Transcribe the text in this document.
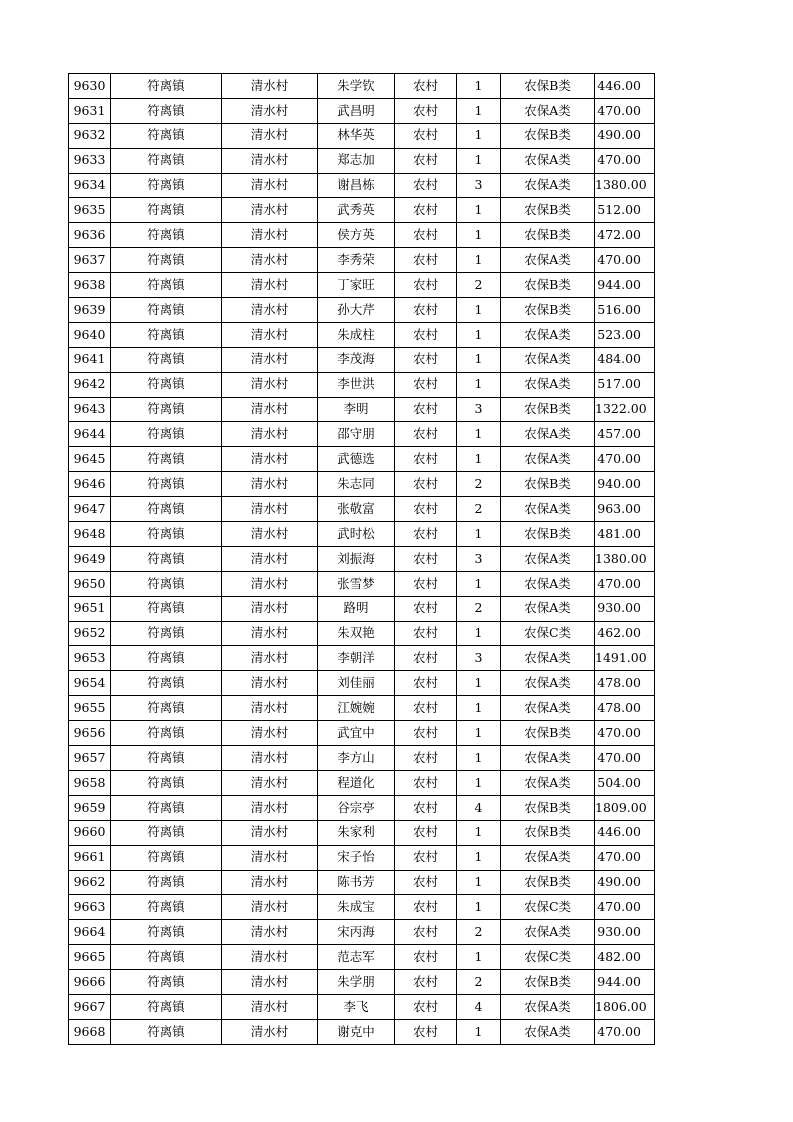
9630	符离镇	清水村	朱学钦	农村	1	农保B类	446.00
9631	符离镇	清水村	武昌明	农村	1	农保A类	470.00
9632	符离镇	清水村	林华英	农村	1	农保B类	490.00
9633	符离镇	清水村	郑志加	农村	1	农保A类	470.00
9634	符离镇	清水村	谢昌栋	农村	3	农保A类	1380.00
9635	符离镇	清水村	武秀英	农村	1	农保B类	512.00
9636	符离镇	清水村	侯方英	农村	1	农保B类	472.00
9637	符离镇	清水村	李秀荣	农村	1	农保A类	470.00
9638	符离镇	清水村	丁家旺	农村	2	农保B类	944.00
9639	符离镇	清水村	孙大芹	农村	1	农保B类	516.00
9640	符离镇	清水村	朱成柱	农村	1	农保A类	523.00
9641	符离镇	清水村	李茂海	农村	1	农保A类	484.00
9642	符离镇	清水村	李世洪	农村	1	农保A类	517.00
9643	符离镇	清水村	李明	农村	3	农保B类	1322.00
9644	符离镇	清水村	邵守朋	农村	1	农保A类	457.00
9645	符离镇	清水村	武德选	农村	1	农保A类	470.00
9646	符离镇	清水村	朱志同	农村	2	农保B类	940.00
9647	符离镇	清水村	张敬富	农村	2	农保A类	963.00
9648	符离镇	清水村	武时松	农村	1	农保B类	481.00
9649	符离镇	清水村	刘振海	农村	3	农保A类	1380.00
9650	符离镇	清水村	张雪梦	农村	1	农保A类	470.00
9651	符离镇	清水村	路明	农村	2	农保A类	930.00
9652	符离镇	清水村	朱双艳	农村	1	农保C类	462.00
9653	符离镇	清水村	李朝洋	农村	3	农保A类	1491.00
9654	符离镇	清水村	刘佳丽	农村	1	农保A类	478.00
9655	符离镇	清水村	江婉婉	农村	1	农保A类	478.00
9656	符离镇	清水村	武宜中	农村	1	农保B类	470.00
9657	符离镇	清水村	李方山	农村	1	农保A类	470.00
9658	符离镇	清水村	程道化	农村	1	农保A类	504.00
9659	符离镇	清水村	谷宗亭	农村	4	农保B类	1809.00
9660	符离镇	清水村	朱家利	农村	1	农保B类	446.00
9661	符离镇	清水村	宋子怡	农村	1	农保A类	470.00
9662	符离镇	清水村	陈书芳	农村	1	农保B类	490.00
9663	符离镇	清水村	朱成宝	农村	1	农保C类	470.00
9664	符离镇	清水村	宋丙海	农村	2	农保A类	930.00
9665	符离镇	清水村	范志军	农村	1	农保C类	482.00
9666	符离镇	清水村	朱学朋	农村	2	农保B类	944.00
9667	符离镇	清水村	李飞	农村	4	农保A类	1806.00
9668	符离镇	清水村	谢克中	农村	1	农保A类	470.00
